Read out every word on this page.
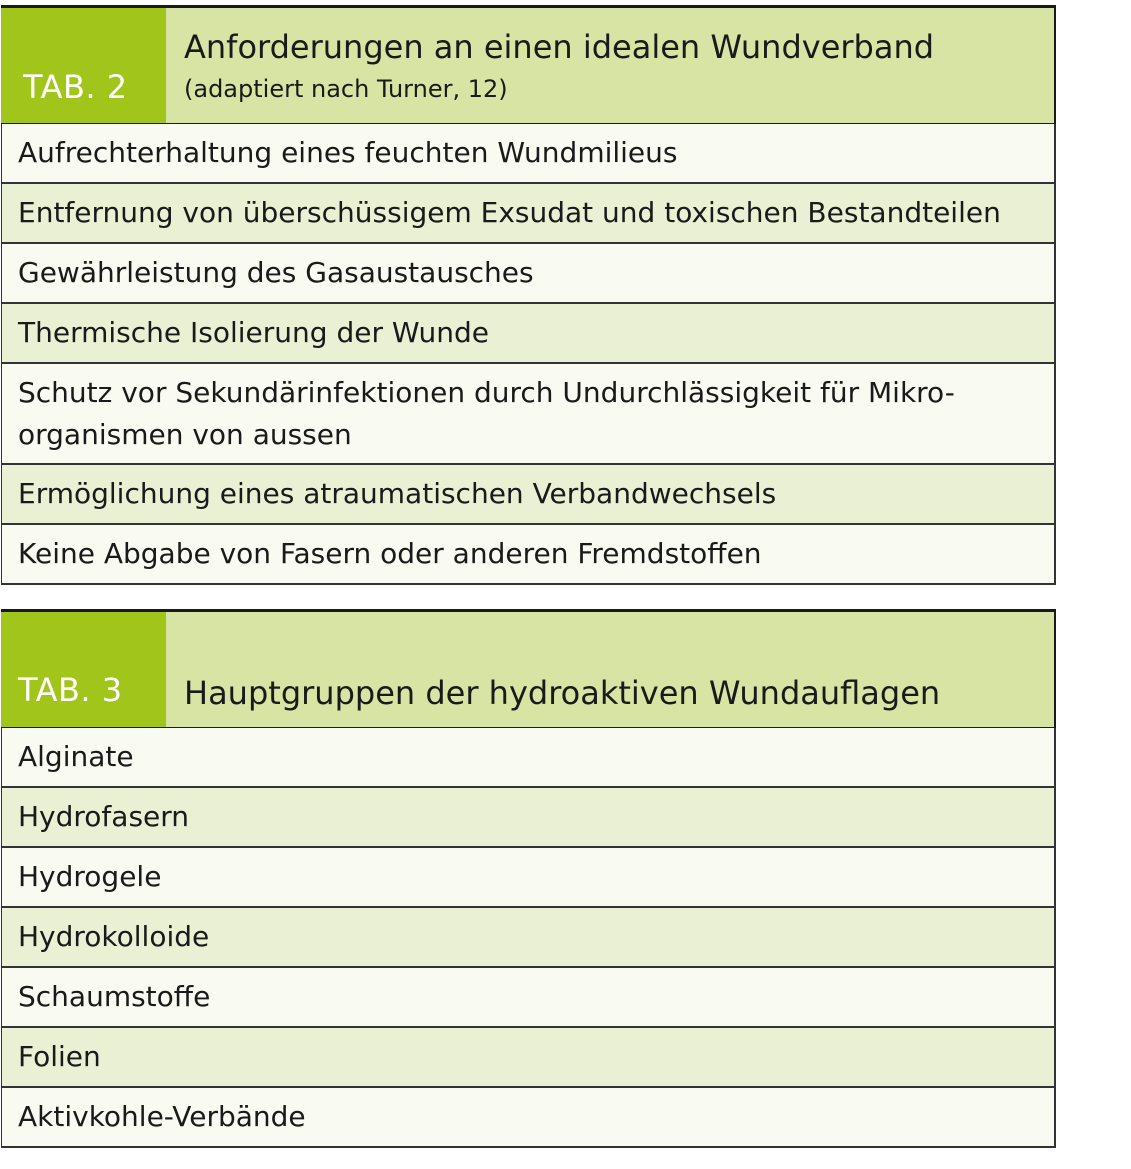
TAB. 2
Anforderungen an einen idealen Wundverband
(adaptiert nach Turner, 12)
Aufrechterhaltung eines feuchten Wundmilieus
Entfernung von überschüssigem Exsudat und toxischen Bestandteilen
Gewährleistung des Gasaustausches
Thermische Isolierung der Wunde
Schutz vor Sekundärinfektionen durch Undurchlässigkeit für Mikro-organismen von aussen
Ermöglichung eines atraumatischen Verbandwechsels
Keine Abgabe von Fasern oder anderen Fremdstoffen
TAB. 3	Hauptgruppen der hydroaktiven Wundauflagen
Alginate
Hydrofasern
Hydrogele
Hydrokolloide
Schaumstoffe
Folien
Aktivkohle-Verbände
